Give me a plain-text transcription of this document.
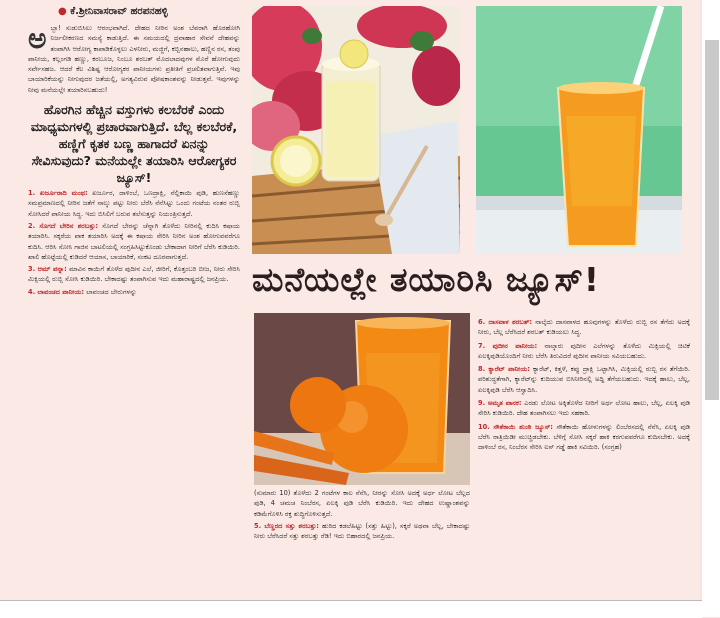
● ಕೆ.ಶ್ರೀನಿವಾಸರಾವ್ ಹರಪನಹಳ್ಳಿ
ಅ ಬ್ಬಾ! ಸುಡುಬಿಸಿಲು ಆರಂಭವಾಗಿದೆ. ದೇಹದ ನೀರಿನ ಅಂಶ ಬೆವರಾಗಿ ಹೊರಹೋಗಿ ನಿರ್ಜಲೀಕರಣದ ಸಮಸ್ಯೆ ಕಾಡುತ್ತಿದೆ. ಈ ಸಮಯದಲ್ಲಿ ದ್ರವಾಹಾರ ಸೇವನೆ ದೇಹವನ್ನು ತಂಪಾಗಿಸಿ ಆರೋಗ್ಯ ಕಾಪಾಡಿಕೊಳ್ಳಲು ಎಳನೀರು, ಮಜ್ಜಿಗೆ, ಕಬ್ಬಿನಹಾಲು, ಹಣ್ಣಿನ ರಸ, ತಂಪು ಪಾನೀಯ, ಕಲ್ಲಂಗಡಿ ಹಣ್ಣು, ಕರಬೂಜ, ನಿಂಬೂ ಶರಬತ್ ಮೊದಲಾದವುಗಳ ಮೊರೆ ಹೋಗುವುದು ಸರ್ವೇಸಹಜ. ಆದರೆ ಕೆಲ ವಿಶಿಷ್ಟ ಆರೋಗ್ಯಕರ ಪಾನೀಯಗಳು ಪ್ರತೀತಿಗೆ ಪ್ರಚಲಿತವಾಗುತ್ತಿವೆ. ಇವು ಬಾಯಾರಿಕೆಯನ್ನು ನೀಗುವುದರ ಜತೆಯಲ್ಲಿ, ಅಗತ್ಯವಿರುವ ಪೋಷಕಾಂಶವನ್ನು ನೀಡುತ್ತವೆ. ಇವುಗಳನ್ನು ನೀವು ಮನೆಯಲ್ಲೇ ತಯಾರಿಸಬಹುದು!
ಹೊರಗಿನ ಹೆಚ್ಚಿನ ವಸ್ತುಗಳು ಕಲಬೆರಕೆ ಎಂದು ಮಾಧ್ಯಮಗಳಲ್ಲಿ ಪ್ರಚಾರವಾಗುತ್ತಿದೆ. ಬೆಲ್ಲ ಕಲಬೆರಕೆ, ಹಣ್ಣಿಗೆ ಕೃತಕ ಬಣ್ಣ ಹಾಗಾದರೆ ಏನನ್ನು ಸೇವಿಸುವುದು? ಮನೆಯಲ್ಲೇ ತಯಾರಿಸಿ ಆರೋಗ್ಯಕರ ಜ್ಯೂಸ್!

1. ಖರ್ಜೂರಾದಿ ಮಂಥ: ಖರ್ಜೂರ, ದಾಳಿಂಬೆ, ಒಣದ್ರಾಕ್ಷಿ, ನೆಲ್ಲಿಕಾಯಿ ಪುಡಿ, ಹುಣಸೆಹಣ್ಣು ಸಮಪ್ರಮಾಣದಲ್ಲಿ ನೀರಿನ ಜತೆಗೆ ನಾಲ್ಕು ಪಟ್ಟು ನೀರು ಬೆರೆಸಿ ನೆನೆಸಿಟ್ಟು ಒಂದು ಗಂಟೆಯ ನಂತರ ರುಬ್ಬಿ ಸೋಸಿದರೆ ಪಾನೀಯ ಸಿದ್ಧ. ಇದು ಬಿಸಿಲಿಗೆ ಬರುವ ತಲೆಸುತ್ತನ್ನು ನಿಯಂತ್ರಿಸುತ್ತದೆ.

2. ಸೊಗದೆ ಬೇರಿನ ಶರಬತ್ತು: ಸೊಗದೆ ಬೇರನ್ನು ಚೆನ್ನಾಗಿ ತೊಳೆದು ನೀರಿನಲ್ಲಿ ಕುದಿಸಿ ಕಷಾಯ ತಯಾರಿಸಿ. ಸಕ್ಕರೆಯ ಪಾಕ ತಯಾರಿಸಿ ಅದಕ್ಕೆ ಈ ಕಷಾಯ ಸೇರಿಸಿ ನೀರಿನ ಅಂಶ ಹೋಗುವವರೆಗೂ ಕುದಿಸಿ. ಆರಿಸಿ ಸೋಸಿ ಗಾಜಿನ ಬಾಟಲಿಯಲ್ಲಿ ಸಂಗ್ರಹಿಸಿಟ್ಟುಕೊಂಡು ಬೇಕಾದಾಗ ನೀರಿಗೆ ಬೆರೆಸಿ ಕುಡಿಯಿರಿ. ಖಾಲಿ ಹೊಟ್ಟೆಯಲ್ಲಿ ಕುಡಿದರೆ ಆಯಾಸ, ಬಾಯಾರಿಕೆ, ಸಂಕಟ ದೂರವಾಗುತ್ತದೆ.

3. ಆಮ್ ಪನ್ನಾ: ಮಾವಿನ ಕಾಯಿಗೆ ತೊಳೆದ ಪುದೀನ ಎಲೆ, ಜೀರಿಗೆ, ಕೊತ್ತಂಬರಿ ಬೀಜ, ನೀರು ಸೇರಿಸಿ ಮಿಕ್ಸಿಯಲ್ಲಿ ರುಬ್ಬಿ ಸೋಸಿ ಕುಡಿಯಿರಿ. ಬೇಕಾದಷ್ಟು ತಂಪಾಗಿಸುವ ಇದು ಮಹಾರಾಷ್ಟ್ರದಲ್ಲಿ ಜನಪ್ರಿಯ.

4. ಲಾವಂಚದ ಪಾನೀಯ: ಲಾವಂಚದ ಬೇರುಗಳನ್ನು	ಮನೆಯಲ್ಲೇ ತಯಾರಿಸಿ ಜ್ಯೂಸ್!

(ಸುಮಾರು 10) ತೊಳೆದು 2 ಗಂಟೆಗಳ ಕಾಲ ನೆನೆಸಿ, ನೀರನ್ನು ಸೋಸಿ ಅದಕ್ಕೆ ಅರ್ಧ ಲೋಟ ಬೆಲ್ಲದ ಪುಡಿ, 4 ಚಮಚ ನಿಂಬೆರಸ, ಏಲಕ್ಕಿ ಪುಡಿ ಬೆರೆಸಿ ಕುಡಿಯಿರಿ. ಇದು ದೇಹದ ಉಷ್ಣಾಂಶವನ್ನು ಕಡಿಮೆಗೊಳಿಸಿ ರಕ್ತ ಶುದ್ಧಿಗೊಳಿಸುತ್ತದೆ.

5. ಬೆಣ್ಣರದ ಸತ್ತು ಶರಬತ್ತು: ಹುರಿದ ಕಡಲೆಹಿಟ್ಟು (ಸತ್ತು ಹಿಟ್ಟು), ಸಕ್ಕರೆ ಅಥವಾ ಬೆಲ್ಲ, ಬೇಕಾದಷ್ಟು ನೀರು ಬೆರೆಸಿದರೆ ಸತ್ತು ಶರಬತ್ತು ರೆಡಿ! ಇದು ಬಿಹಾರದಲ್ಲಿ ಜನಪ್ರಿಯ.

6. ದಾಸವಾಳ ಶರಬತ್: ನಾಲ್ಕೆದು ದಾಸವಾಳದ ಹೂವುಗಳನ್ನು ತೊಳೆದು ರುಬ್ಬಿ ರಸ ತೆಗೆದು ಅದಕ್ಕೆ ನೀರು, ಬೆಲ್ಲ ಬೆರೆಸಿದರೆ ಶರಬತ್ ಕುಡಿಯಲು ಸಿದ್ಧ.

7. ಪುದೀನ ಪಾನೀಯ: ನಾಲ್ಕಾರು ಪುದೀನ ಎಲೆಗಳನ್ನು ತೊಳೆದು ಮಿಕ್ಸಿಯಲ್ಲಿ ಚಿಟಿಕೆ ಏಲಕ್ಕಿಪುಡಿಯೊಂದಿಗೆ ನೀರು ಬೆರೆಸಿ ತಿರುವಿದರೆ ಪುದೀನ ಪಾನೀಯ ಸವಿಯಬಹುದು.

8. ಕ್ಯಾರೆಟ್ ಪಾನೀಯ: ಕ್ಯಾರೆಟ್, ಕಿತ್ತಳೆ, ಕಪ್ಪು ದ್ರಾಕ್ಷಿ ಒಟ್ಟಾಗಿಸಿ, ಮಿಕ್ಸಿಯಲ್ಲಿ ರುಬ್ಬಿ ರಸ ತೆಗೆಯಿರಿ. ಪರಿಶುದ್ಧತೆಗಾಗಿ, ಕ್ಯಾರೆಟ್‍ನ್ನು ಕುದಿಯುವ ಬಿಸಿನೀರಿನಲ್ಲಿ ಅದ್ದಿ ತೆಗೆಯಬಹುದು. ಇದಕ್ಕೆ ಹಾಲು, ಬೆಲ್ಲ, ಏಲಕ್ಕಿಪುಡಿ ಬೆರೆಸಿ ಆಸ್ವಾದಿಸಿ.

9. ಅಮೃತ ಪಾನಕ: ಎರಡು ಲೋಟ ಅಕ್ಕಿತೊಳೆದ ನೀರಿಗೆ ಅರ್ಧ ಲೋಟ ಹಾಲು, ಬೆಲ್ಲ, ಏಲಕ್ಕಿ ಪುಡಿ ಸೇರಿಸಿ ಕುಡಿಯಿರಿ. ದೇಹ ತಂಪಾಗಿಸಲು ಇದು ಸಹಕಾರಿ.

10. ಸೌತೆಕಾಯಿ ಶುಂಠಿ ಜ್ಯೂಸ್: ಸೌತೆಕಾಯಿ ಹೋಳುಗಳನ್ನು ಲಿಂಬೆರಸದಲ್ಲಿ ನೆನೆಸಿ, ಏಲಕ್ಕಿ ಪುಡಿ ಬೆರೆಸಿ ರಾತ್ರಿಯಿಡೀ ಮುಚ್ಚಿಡಬೇಕು. ಬೆಳಿಗ್ಗೆ ಸೋಸಿ ಸಕ್ಕರೆ ಹಾಕಿ ಕರಗುವವರೆಗೂ ಕುದಿಸಬೇಕು. ಅದಕ್ಕೆ ದಾಳಿಂಬೆ ರಸ, ನಿಂಬೆರಸ ಸೇರಿಸಿ ಐಸ್ ಗಡ್ಡೆ ಹಾಕಿ ಸವಿಯಿರಿ. (ಸಂಗ್ರಹ)
